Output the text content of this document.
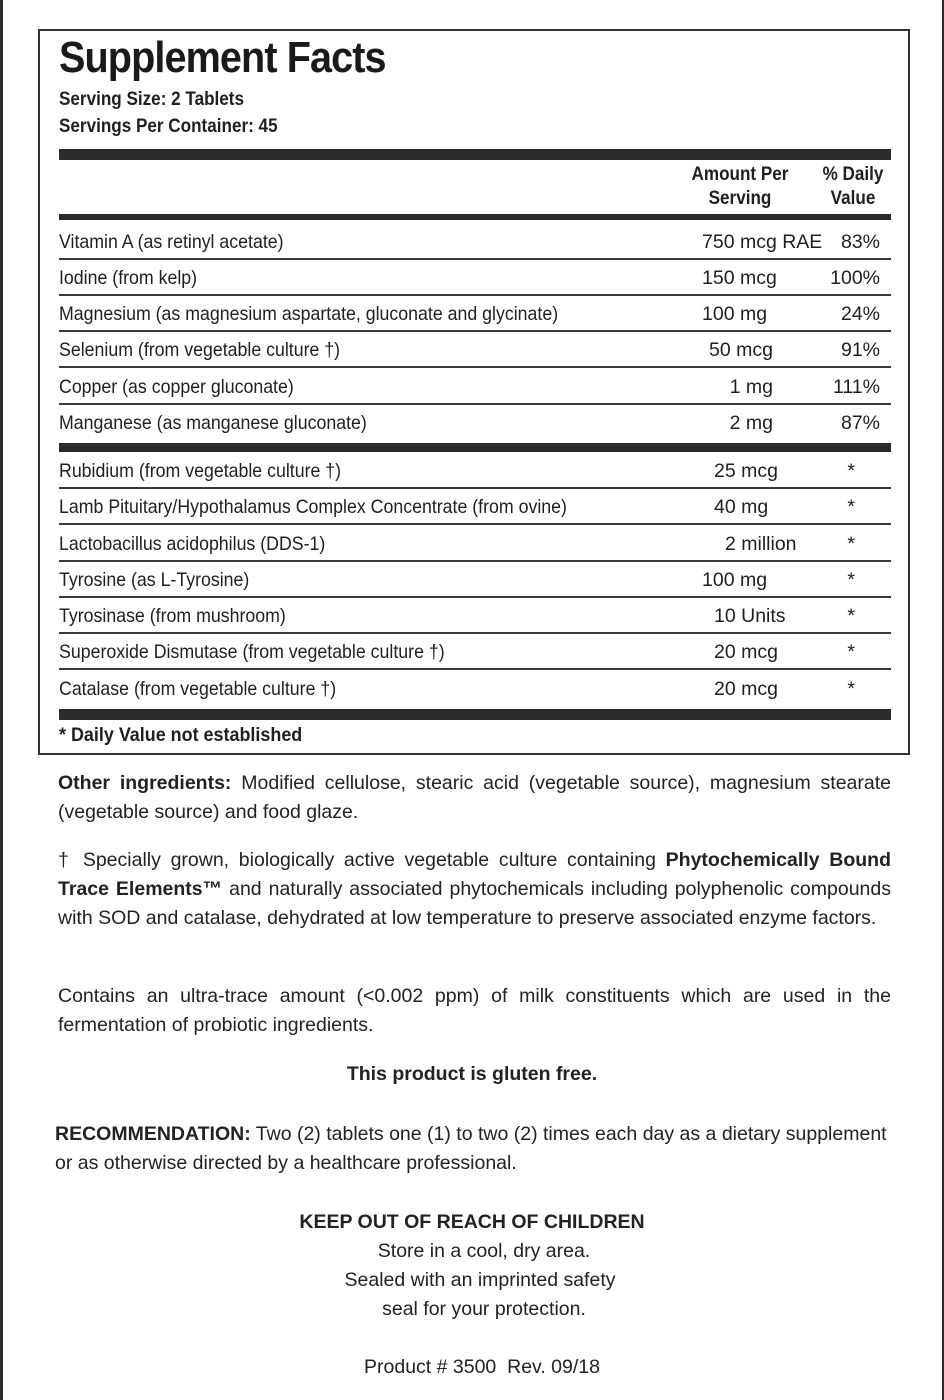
Supplement Facts
Serving Size: 2 Tablets
Servings Per Container: 45
Amount Per
Serving
% Daily
Value
Vitamin A (as retinyl acetate)	750 mcg RAE 83%
Iodine (from kelp)	150 mcg	100%
Magnesium (as magnesium aspartate, gluconate and glycinate)	100 mg	24%
Selenium (from vegetable culture †)	50 mcg	91%
Copper (as copper gluconate)	1 mg	111%
Manganese (as manganese gluconate)	2 mg	87%
Rubidium (from vegetable culture †)	25 mcg	*
Lamb Pituitary/Hypothalamus Complex Concentrate (from ovine)	40 mg	*
Lactobacillus acidophilus (DDS-1)	2 million	*
Tyrosine (as L-Tyrosine)	100 mg	*
Tyrosinase (from mushroom)	10 Units	*
Superoxide Dismutase (from vegetable culture †)	20 mcg	*
Catalase (from vegetable culture †)	20 mcg	*
* Daily Value not established

Other ingredients: Modified cellulose, stearic acid (vegetable source), magnesium stearate (vegetable source) and food glaze.

† Specially grown, biologically active vegetable culture containing Phytochemically Bound Trace Elements™ and naturally associated phytochemicals including polyphenolic compounds with SOD and catalase, dehydrated at low temperature to preserve associated enzyme factors.

Contains an ultra-trace amount (<0.002 ppm) of milk constituents which are used in the fermentation of probiotic ingredients.

This product is gluten free.

RECOMMENDATION: Two (2) tablets one (1) to two (2) times each day as a dietary supplement or as otherwise directed by a healthcare professional.

KEEP OUT OF REACH OF CHILDREN
Store in a cool, dry area.
Sealed with an imprinted safety
seal for your protection.
Product # 3500  Rev. 09/18
